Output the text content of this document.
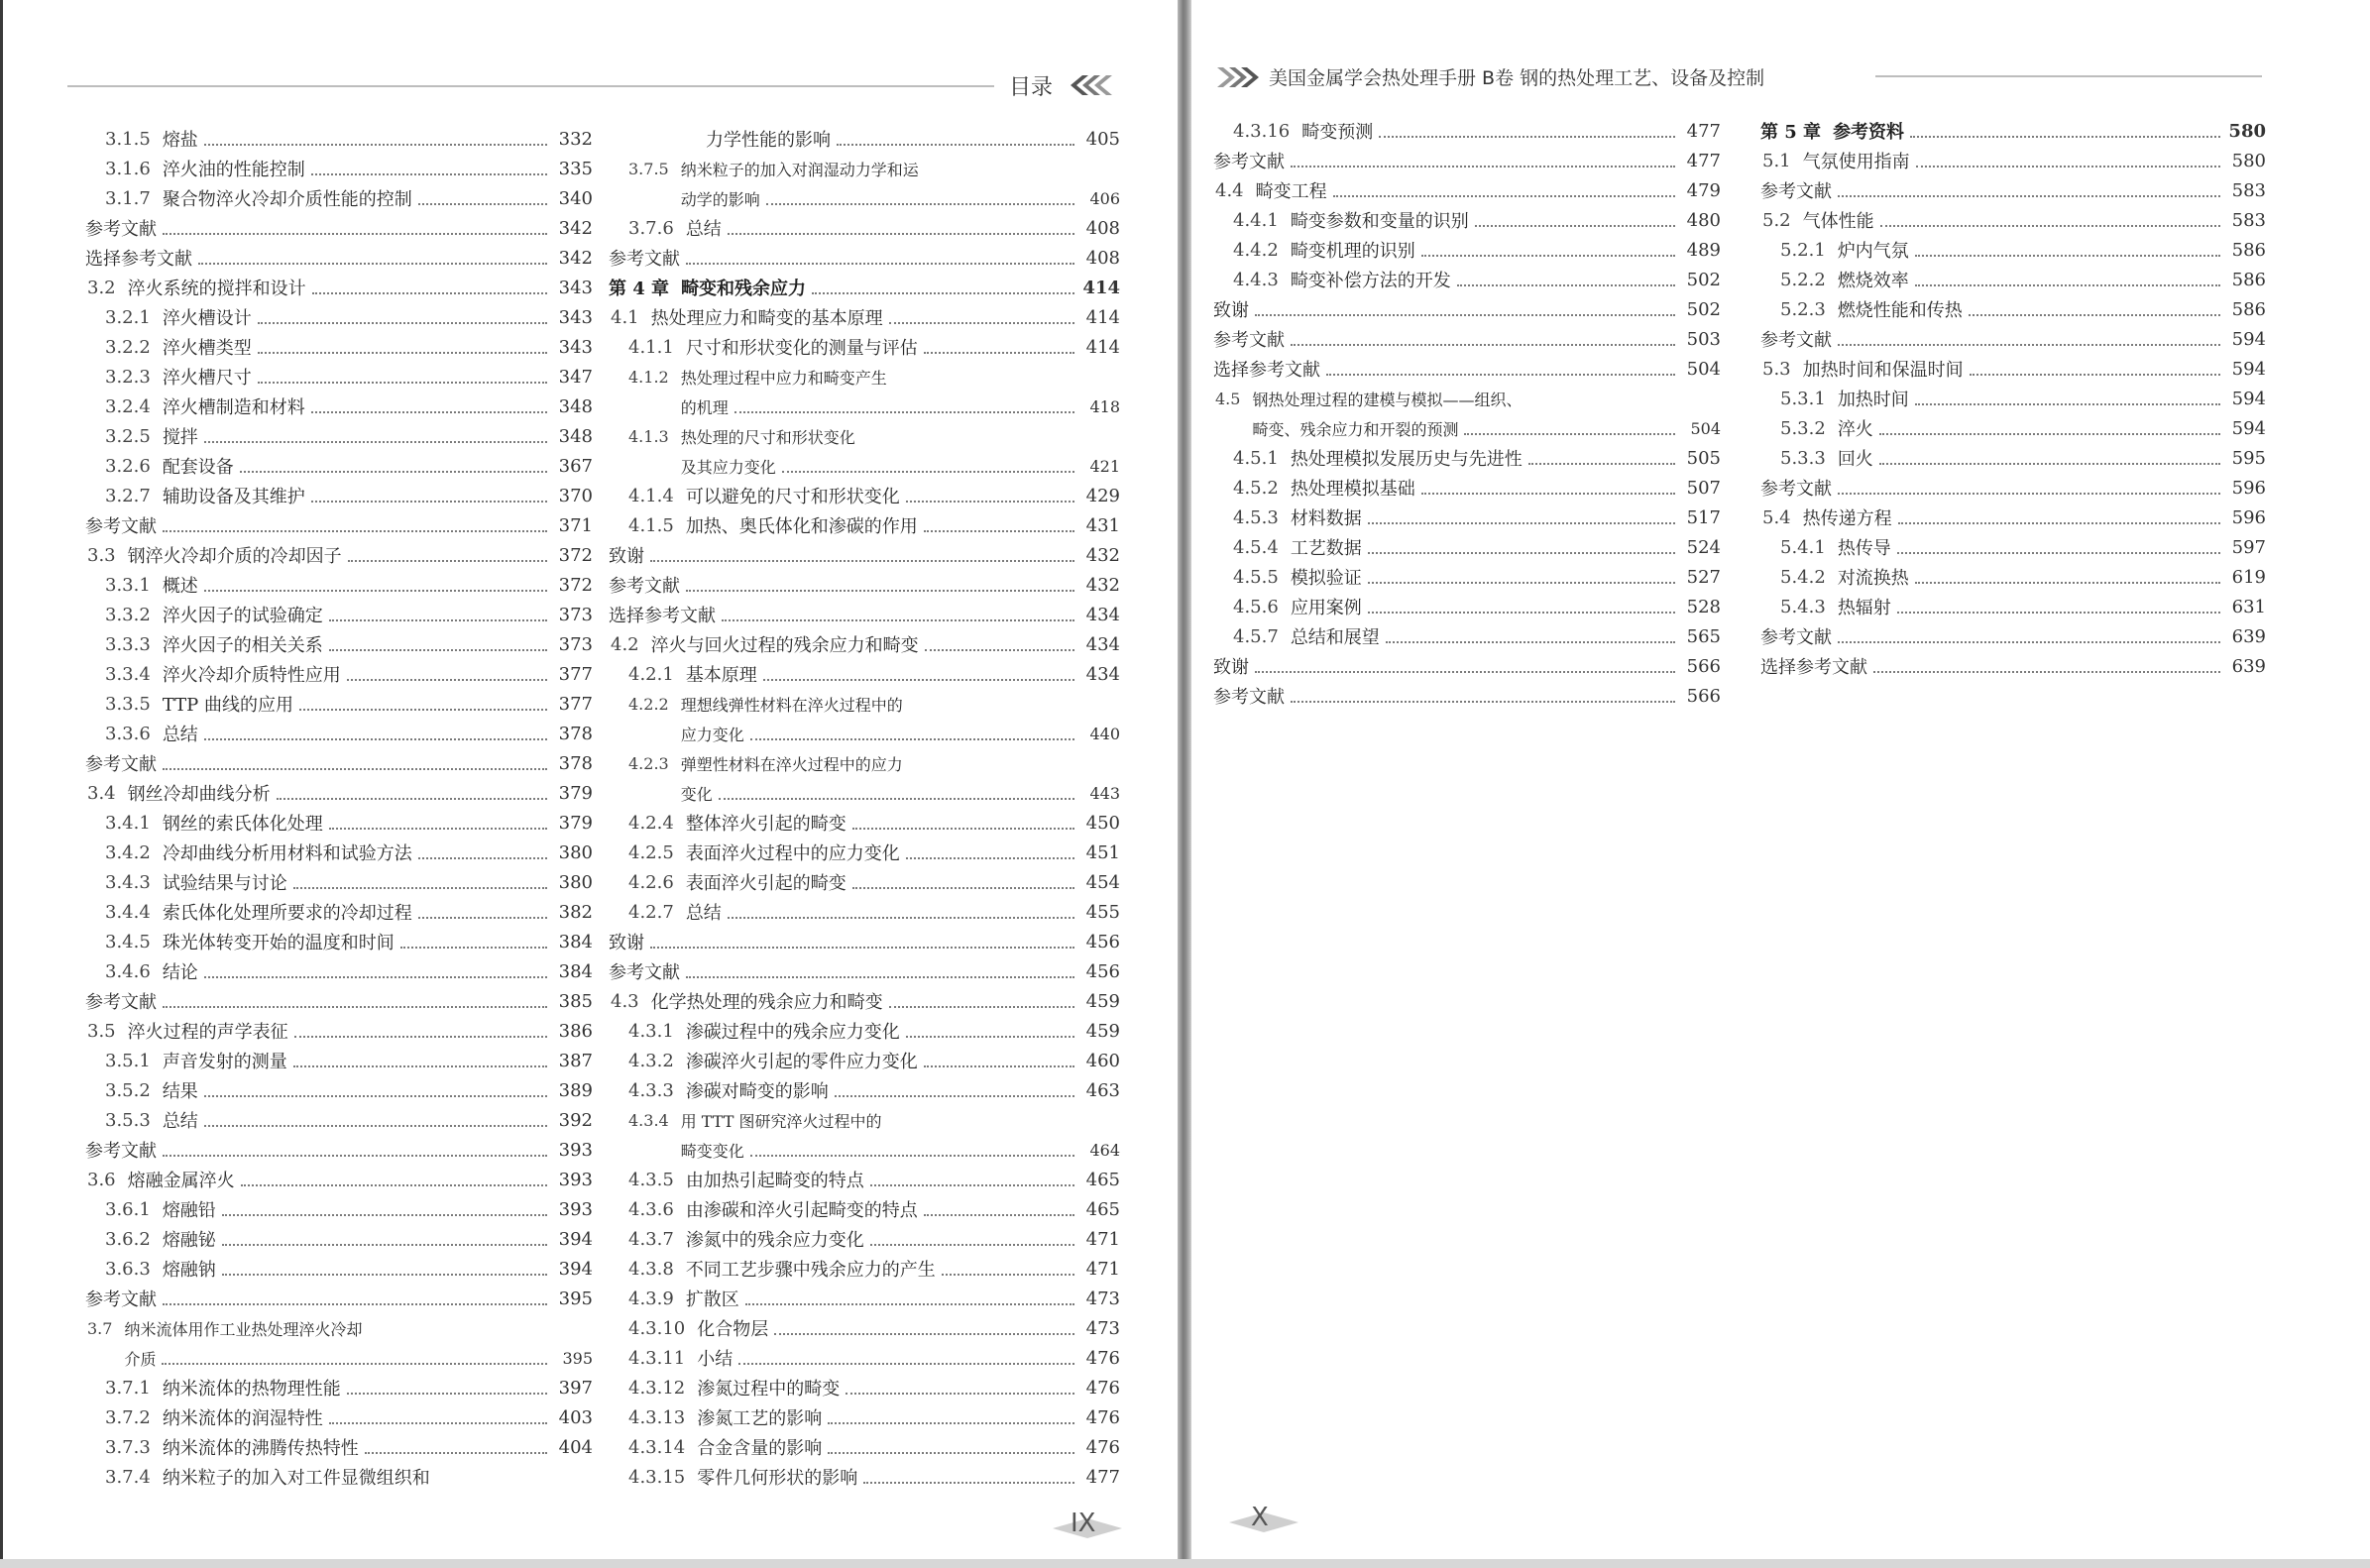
目录	美国金属学会热处理手册 B卷 钢的热处理工艺、设备及控制
3.1.5 熔盐	332
3.1.6 淬火油的性能控制	335
3.1.7 聚合物淬火冷却介质性能的控制	340
参考文献	342
选择参考文献	342
3.2 淬火系统的搅拌和设计	343
3.2.1 淬火槽设计	343
3.2.2 淬火槽类型	343
3.2.3 淬火槽尺寸	347
3.2.4 淬火槽制造和材料	348
3.2.5 搅拌	348
3.2.6 配套设备	367
3.2.7 辅助设备及其维护	370
参考文献	371
3.3 钢淬火冷却介质的冷却因子	372
3.3.1 概述	372
3.3.2 淬火因子的试验确定	373
3.3.3 淬火因子的相关关系	373
3.3.4 淬火冷却介质特性应用	377
3.3.5 TTP 曲线的应用	377
3.3.6 总结	378
参考文献	378
3.4 钢丝冷却曲线分析	379
3.4.1 钢丝的索氏体化处理	379
3.4.2 冷却曲线分析用材料和试验方法	380
3.4.3 试验结果与讨论	380
3.4.4 索氏体化处理所要求的冷却过程	382
3.4.5 珠光体转变开始的温度和时间	384
3.4.6 结论	384
参考文献	385
3.5 淬火过程的声学表征	386
3.5.1 声音发射的测量	387
3.5.2 结果	389
3.5.3 总结	392
参考文献	393
3.6 熔融金属淬火	393
3.6.1 熔融铅	393
3.6.2 熔融铋	394
3.6.3 熔融钠	394
参考文献	395
3.7 纳米流体用作工业热处理淬火冷却
介质	395
3.7.1 纳米流体的热物理性能	397
3.7.2 纳米流体的润湿特性	403
3.7.3 纳米流体的沸腾传热特性	404
3.7.4 纳米粒子的加入对工件显微组织和
力学性能的影响	405
3.7.5 纳米粒子的加入对润湿动力学和运
动学的影响	406
3.7.6 总结	408
参考文献	408
第 4 章 畸变和残余应力	414
4.1 热处理应力和畸变的基本原理	414
4.1.1 尺寸和形状变化的测量与评估	414
4.1.2 热处理过程中应力和畸变产生
的机理	418
4.1.3 热处理的尺寸和形状变化
及其应力变化	421
4.1.4 可以避免的尺寸和形状变化	429
4.1.5 加热、奥氏体化和渗碳的作用	431
致谢	432
参考文献	432
选择参考文献	434
4.2 淬火与回火过程的残余应力和畸变	434
4.2.1 基本原理	434
4.2.2 理想线弹性材料在淬火过程中的
应力变化	440
4.2.3 弹塑性材料在淬火过程中的应力
变化	443
4.2.4 整体淬火引起的畸变	450
4.2.5 表面淬火过程中的应力变化	451
4.2.6 表面淬火引起的畸变	454
4.2.7 总结	455
致谢	456
参考文献	456
4.3 化学热处理的残余应力和畸变	459
4.3.1 渗碳过程中的残余应力变化	459
4.3.2 渗碳淬火引起的零件应力变化	460
4.3.3 渗碳对畸变的影响	463
4.3.4 用 TTT 图研究淬火过程中的
畸变变化	464
4.3.5 由加热引起畸变的特点	465
4.3.6 由渗碳和淬火引起畸变的特点	465
4.3.7 渗氮中的残余应力变化	471
4.3.8 不同工艺步骤中残余应力的产生	471
4.3.9 扩散区	473
4.3.10 化合物层	473
4.3.11 小结	476
4.3.12 渗氮过程中的畸变	476
4.3.13 渗氮工艺的影响	476
4.3.14 合金含量的影响	476
4.3.15 零件几何形状的影响	477
4.3.16 畸变预测	477
参考文献	477
4.4 畸变工程	479
4.4.1 畸变参数和变量的识别	480
4.4.2 畸变机理的识别	489
4.4.3 畸变补偿方法的开发	502
致谢	502
参考文献	503
选择参考文献	504
4.5 钢热处理过程的建模与模拟——组织、
畸变、残余应力和开裂的预测	504
4.5.1 热处理模拟发展历史与先进性	505
4.5.2 热处理模拟基础	507
4.5.3 材料数据	517
4.5.4 工艺数据	524
4.5.5 模拟验证	527
4.5.6 应用案例	528
4.5.7 总结和展望	565
致谢	566
参考文献	566
第 5 章 参考资料	580
5.1 气氛使用指南	580
参考文献	583
5.2 气体性能	583
5.2.1 炉内气氛	586
5.2.2 燃烧效率	586
5.2.3 燃烧性能和传热	586
参考文献	594
5.3 加热时间和保温时间	594
5.3.1 加热时间	594
5.3.2 淬火	594
5.3.3 回火	595
参考文献	596
5.4 热传递方程	596
5.4.1 热传导	597
5.4.2 对流换热	619
5.4.3 热辐射	631
参考文献	639
选择参考文献	639
IX	X
